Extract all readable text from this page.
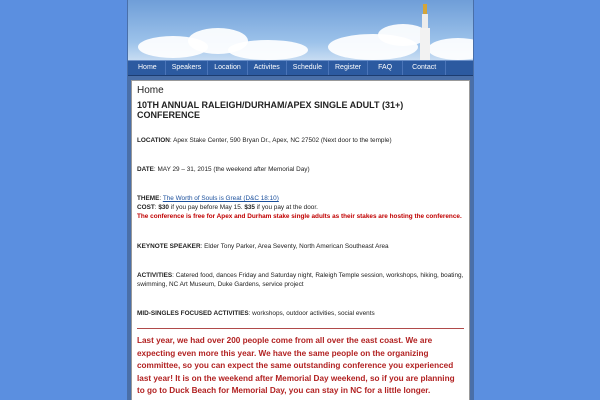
Home	Speakers	Location	Activites	Schedule	Register	FAQ	Contact
Home
10TH ANNUAL RALEIGH/DURHAM/APEX SINGLE ADULT (31+) CONFERENCE
LOCATION: Apex Stake Center, 590 Bryan Dr., Apex, NC 27502 (Next door to the temple)
DATE: MAY 29 – 31, 2015 (the weekend after Memorial Day)
THEME: The Worth of Souls is Great (D&C 18:10)
COST: $30 if you pay before May 15. $35 if you pay at the door.
The conference is free for Apex and Durham stake single adults as their stakes are hosting the conference.
KEYNOTE SPEAKER: Elder Tony Parker, Area Seventy, North American Southeast Area
ACTIVITIES: Catered food, dances Friday and Saturday night, Raleigh Temple session, workshops, hiking, boating, swimming, NC Art Museum, Duke Gardens, service project
MID-SINGLES FOCUSED ACTIVITIES: workshops, outdoor activities, social events
Last year, we had over 200 people come from all over the east coast. We are expecting even more this year. We have the same people on the organizing committee, so you can expect the same outstanding conference you experienced last year! It is on the weekend after Memorial Day weekend, so if you are planning to go to Duck Beach for Memorial Day, you can stay in NC for a little longer.
